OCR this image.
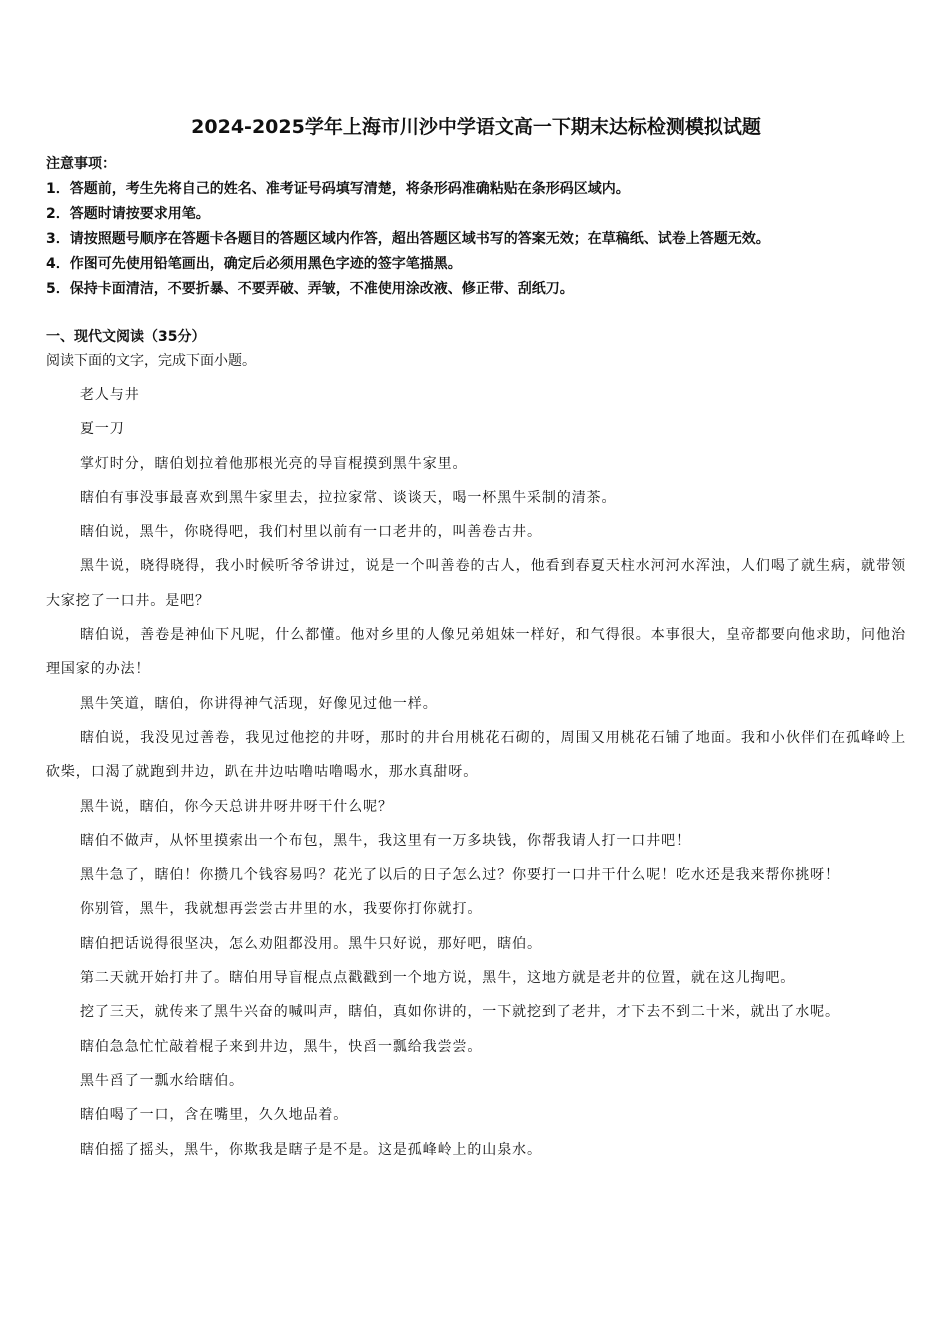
2024-2025学年上海市川沙中学语文高一下期末达标检测模拟试题
注意事项：
1．答题前，考生先将自己的姓名、准考证号码填写清楚，将条形码准确粘贴在条形码区域内。
2．答题时请按要求用笔。
3．请按照题号顺序在答题卡各题目的答题区域内作答，超出答题区域书写的答案无效；在草稿纸、试卷上答题无效。
4．作图可先使用铅笔画出，确定后必须用黑色字迹的签字笔描黑。
5．保持卡面清洁，不要折暴、不要弄破、弄皱，不准使用涂改液、修正带、刮纸刀。
一、现代文阅读（35分）
阅读下面的文字，完成下面小题。

老人与井

夏一刀

掌灯时分，瞎伯划拉着他那根光亮的导盲棍摸到黑牛家里。

瞎伯有事没事最喜欢到黑牛家里去，拉拉家常、谈谈天，喝一杯黑牛采制的清茶。

瞎伯说，黑牛，你晓得吧，我们村里以前有一口老井的，叫善卷古井。

黑牛说，晓得晓得，我小时候听爷爷讲过，说是一个叫善卷的古人，他看到春夏天柱水河河水浑浊，人们喝了就生病，就带领大家挖了一口井。是吧？

瞎伯说，善卷是神仙下凡呢，什么都懂。他对乡里的人像兄弟姐妹一样好，和气得很。本事很大，皇帝都要向他求助，问他治理国家的办法！

黑牛笑道，瞎伯，你讲得神气活现，好像见过他一样。

瞎伯说，我没见过善卷，我见过他挖的井呀，那时的井台用桃花石砌的，周围又用桃花石铺了地面。我和小伙伴们在孤峰岭上砍柴，口渴了就跑到井边，趴在井边咕噜咕噜喝水，那水真甜呀。

黑牛说，瞎伯，你今天总讲井呀井呀干什么呢？

瞎伯不做声，从怀里摸索出一个布包，黑牛，我这里有一万多块钱，你帮我请人打一口井吧！

黑牛急了，瞎伯！你攒几个钱容易吗？花光了以后的日子怎么过？你要打一口井干什么呢！吃水还是我来帮你挑呀！

你别管，黑牛，我就想再尝尝古井里的水，我要你打你就打。

瞎伯把话说得很坚决，怎么劝阻都没用。黑牛只好说，那好吧，瞎伯。

第二天就开始打井了。瞎伯用导盲棍点点戳戳到一个地方说，黑牛，这地方就是老井的位置，就在这儿掏吧。

挖了三天，就传来了黑牛兴奋的喊叫声，瞎伯，真如你讲的，一下就挖到了老井，才下去不到二十米，就出了水呢。

瞎伯急急忙忙敲着棍子来到井边，黑牛，快舀一瓢给我尝尝。

黑牛舀了一瓢水给瞎伯。

瞎伯喝了一口，含在嘴里，久久地品着。

瞎伯摇了摇头，黑牛，你欺我是瞎子是不是。这是孤峰岭上的山泉水。
